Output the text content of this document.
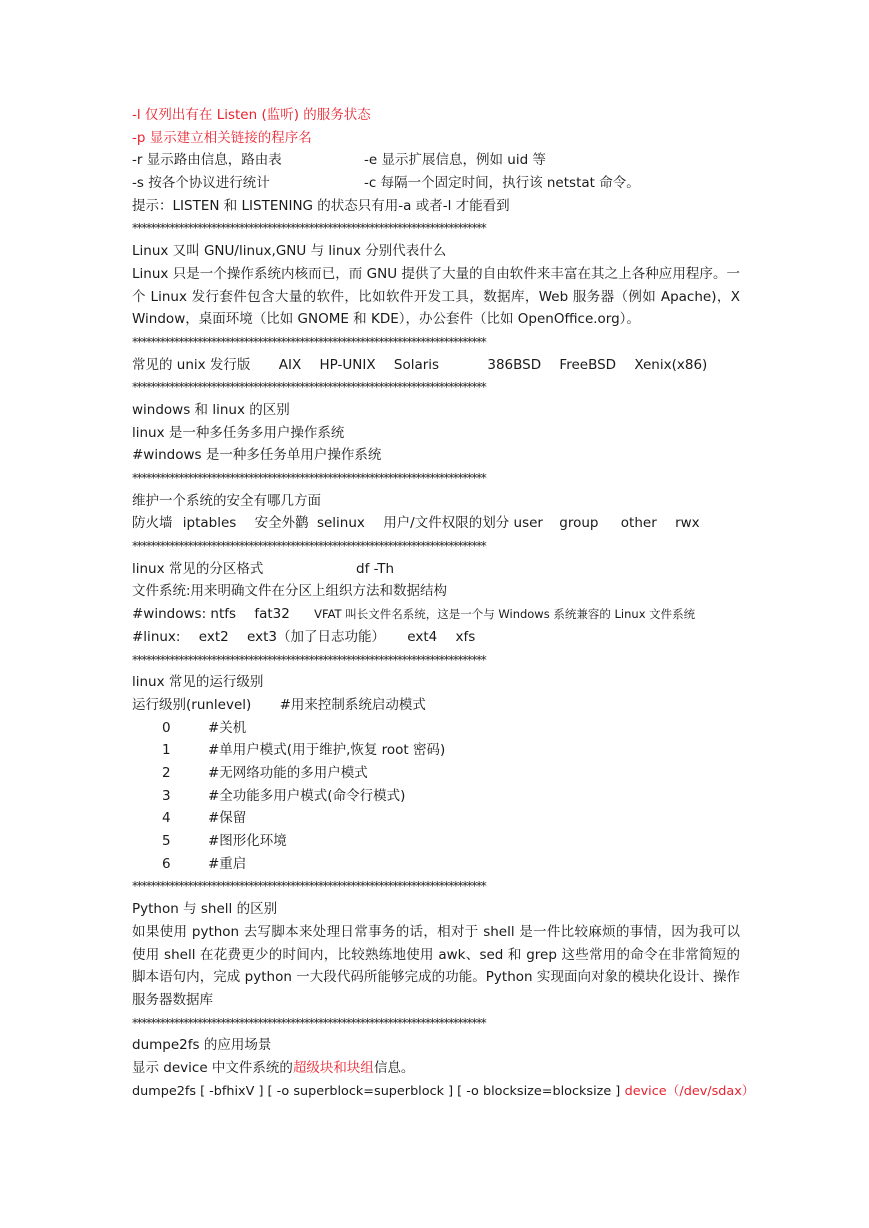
-l 仅列出有在 Listen (监听) 的服务状态
-p 显示建立相关链接的程序名
-r 显示路由信息，路由表	-e 显示扩展信息，例如 uid 等
-s 按各个协议进行统计	-c 每隔一个固定时间，执行该 netstat 命令。
提示：LISTEN 和 LISTENING 的状态只有用-a 或者-l 才能看到
****************************************************************************
Linux 又叫 GNU/linux,GNU 与 linux 分别代表什么
Linux 只是一个操作系统内核而已，而 GNU 提供了大量的自由软件来丰富在其之上各种应用程序。一个 Linux 发行套件包含大量的软件，比如软件开发工具，数据库，Web 服务器（例如 Apache)，X Window，桌面环境（比如 GNOME 和 KDE），办公套件（比如 OpenOffice.org）。
****************************************************************************
常见的 unix 发行版 AIX HP-UNIX Solaris	386BSD FreeBSD Xenix(x86)
****************************************************************************
windows 和 linux 的区别
linux 是一种多任务多用户操作系统
#windows 是一种多任务单用户操作系统
****************************************************************************
维护一个系统的安全有哪几方面
防火墙 iptables 安全外鹳 selinux 用户/文件权限的划分 user group other rwx
****************************************************************************
linux 常见的分区格式	df -Th
文件系统:用来明确文件在分区上组织方法和数据结构
#windows: ntfs fat32 VFAT 叫长文件名系统，这是一个与 Windows 系统兼容的 Linux 文件系统
#linux: ext2 ext3（加了日志功能） ext4 xfs
****************************************************************************
linux 常见的运行级别
运行级别(runlevel) #用来控制系统启动模式
0	#关机
1	#单用户模式(用于维护,恢复 root 密码)
2	#无网络功能的多用户模式
3	#全功能多用户模式(命令行模式)
4	#保留
5	#图形化环境
6	#重启
****************************************************************************
Python 与 shell 的区别
如果使用 python 去写脚本来处理日常事务的话，相对于 shell 是一件比较麻烦的事情，因为我可以使用 shell 在花费更少的时间内，比较熟练地使用 awk、sed 和 grep 这些常用的命令在非常简短的脚本语句内，完成 python 一大段代码所能够完成的功能。Python 实现面向对象的模块化设计、操作服务器数据库
****************************************************************************
dumpe2fs 的应用场景
显示 device 中文件系统的超级块和块组信息。
dumpe2fs [ -bfhixV ] [ -o superblock=superblock ] [ -o blocksize=blocksize ] device（/dev/sdax）
